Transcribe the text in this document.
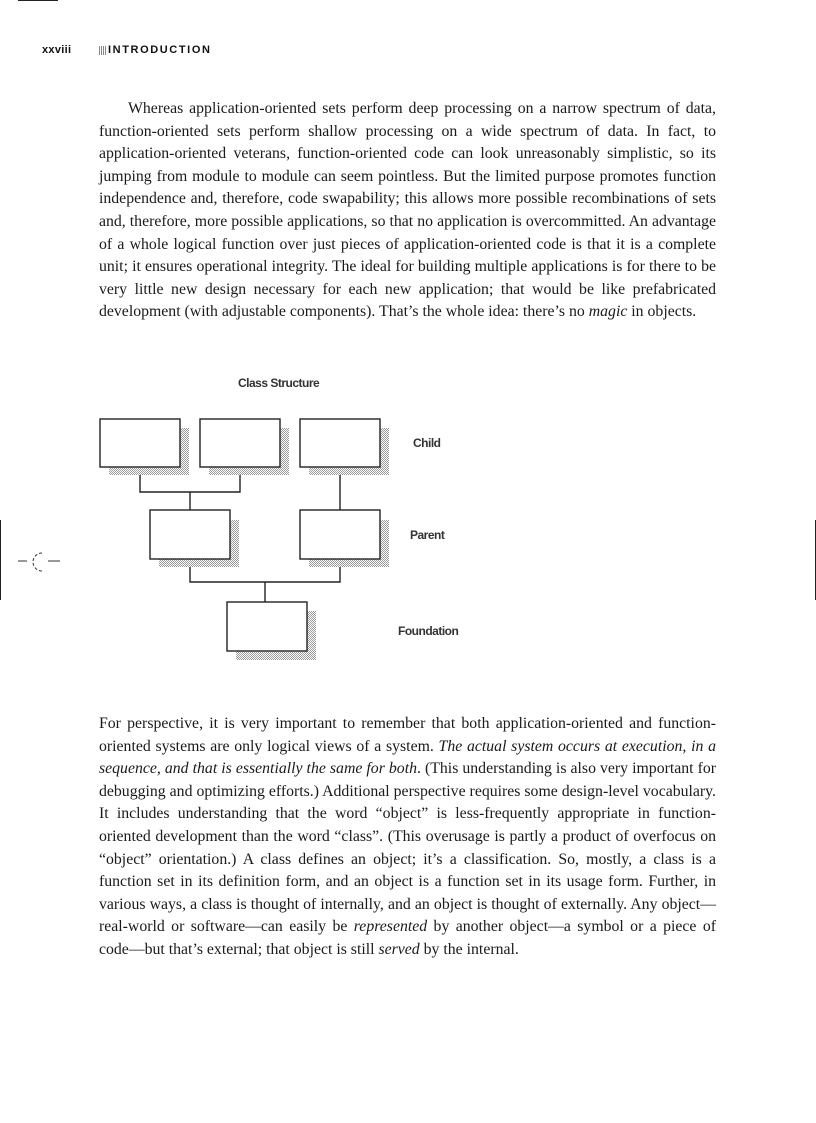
xxviii	INTRODUCTION

Whereas application-oriented sets perform deep processing on a narrow spectrum of data, function-oriented sets perform shallow processing on a wide spectrum of data. In fact, to application-oriented veterans, function-oriented code can look unreasonably simplistic, so its jumping from module to module can seem pointless. But the limited purpose promotes function independence and, therefore, code swapability; this allows more possible recombinations of sets and, therefore, more possible applications, so that no application is overcommitted. An advantage of a whole logical function over just pieces of application-oriented code is that it is a complete unit; it ensures operational integrity. The ideal for building multiple applications is for there to be very little new design necessary for each new application; that would be like prefabricated development (with adjustable components). That’s the whole idea: there’s no magic in objects.

Class Structure
Child
Parent
Foundation

For perspective, it is very important to remember that both application-oriented and function-oriented systems are only logical views of a system. The actual system occurs at execution, in a sequence, and that is essentially the same for both. (This understanding is also very important for debugging and optimizing efforts.) Additional perspective requires some design-level vocabulary. It includes understanding that the word “object” is less-frequently appropriate in function-oriented development than the word “class”. (This overusage is partly a product of overfocus on “object” orientation.) A class defines an object; it’s a classification. So, mostly, a class is a function set in its definition form, and an object is a function set in its usage form. Further, in various ways, a class is thought of internally, and an object is thought of externally. Any object—real-world or software—can easily be represented by another object—a symbol or a piece of code—but that’s external; that object is still served by the internal.
